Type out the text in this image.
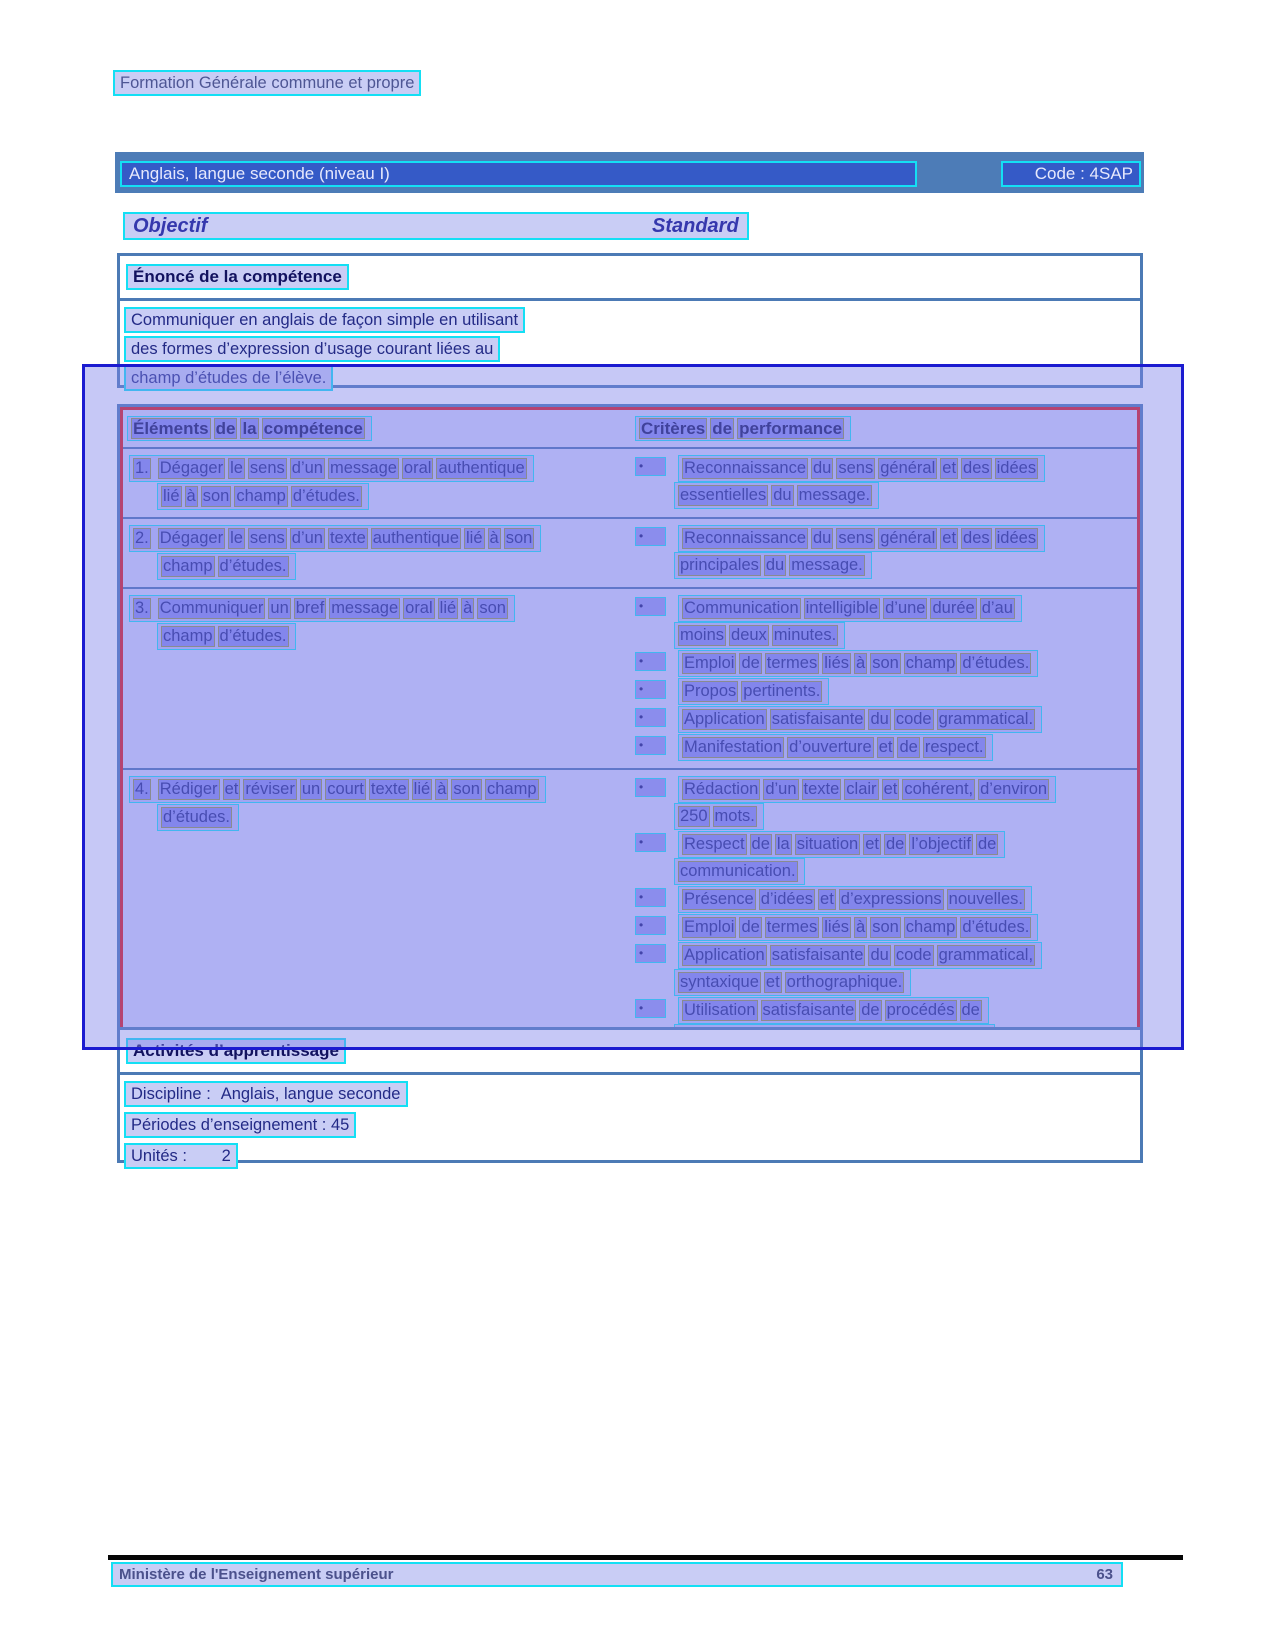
Formation Générale commune et propre
Anglais, langue seconde (niveau I)	Code : 4SAP
Objectif	Standard
Énoncé de la compétence
Communiquer en anglais de façon simple en utilisant
des formes d’expression d’usage courant liées au
champ d’études de l’élève.
Éléments de la compétence	Critères de performance
1. Dégager le sens d’un message oral authentique
lié à son champ d’études.
• Reconnaissance du sens général et des idées
essentielles du message.
2. Dégager le sens d’un texte authentique lié à son
champ d’études.
• Reconnaissance du sens général et des idées
principales du message.
3. Communiquer un bref message oral lié à son
champ d’études.
• Communication intelligible d’une durée d’au
moins deux minutes.
• Emploi de termes liés à son champ d’études.
• Propos pertinents.
• Application satisfaisante du code grammatical.
• Manifestation d’ouverture et de respect.
4. Rédiger et réviser un court texte lié à son champ
d’études.
• Rédaction d’un texte clair et cohérent, d’environ
250 mots.
• Respect de la situation et de l’objectif de
communication.
• Présence d’idées et d’expressions nouvelles.
• Emploi de termes liés à son champ d’études.
• Application satisfaisante du code grammatical,
syntaxique et orthographique.
• Utilisation satisfaisante de procédés de
Activités d’apprentissage
Discipline : Anglais, langue seconde
Périodes d’enseignement : 45
Unités : 2
Ministère de l'Enseignement supérieur	63
